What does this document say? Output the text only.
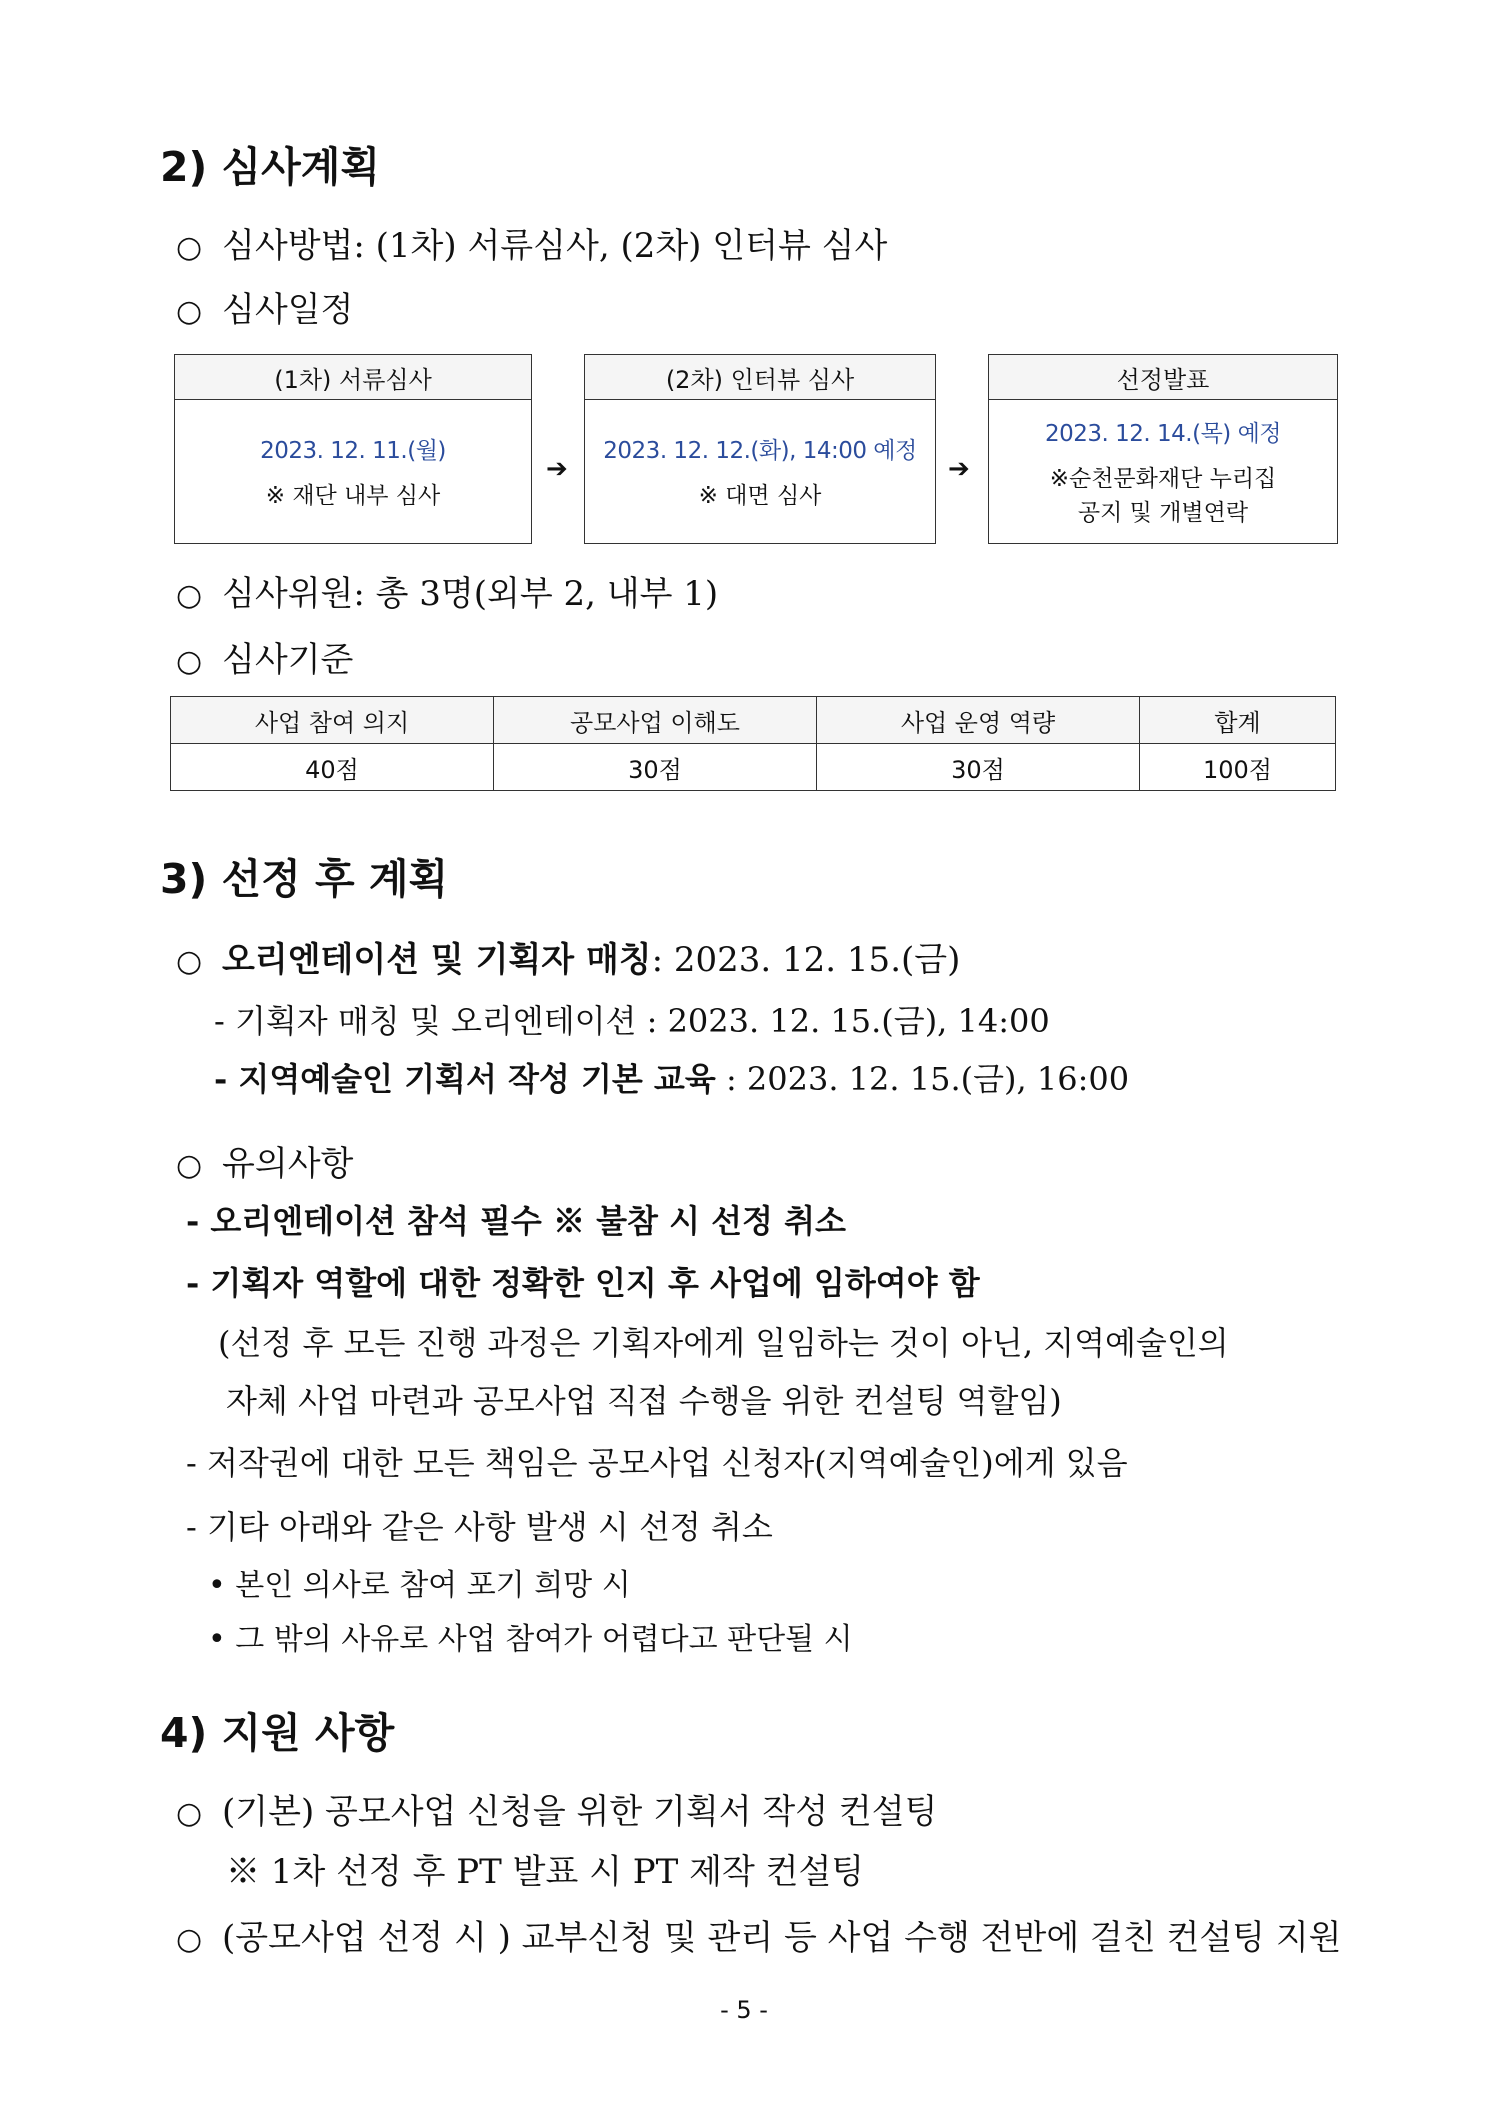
2) 심사계획
○ 심사방법: (1차) 서류심사, (2차) 인터뷰 심사
○ 심사일정
(1차) 서류심사
2023. 12. 11.(월)
※ 재단 내부 심사
➔
(2차) 인터뷰 심사
2023. 12. 12.(화), 14:00 예정
※ 대면 심사
➔
선정발표
2023. 12. 14.(목) 예정
※순천문화재단 누리집
공지 및 개별연락
○ 심사위원: 총 3명(외부 2, 내부 1)
○ 심사기준
사업 참여 의지	공모사업 이해도	사업 운영 역량	합계
40점	30점	30점	100점
3) 선정 후 계획
○ 오리엔테이션 및 기획자 매칭: 2023. 12. 15.(금)
- 기획자 매칭 및 오리엔테이션 : 2023. 12. 15.(금), 14:00
- 지역예술인 기획서 작성 기본 교육 : 2023. 12. 15.(금), 16:00
○ 유의사항
- 오리엔테이션 참석 필수 ※ 불참 시 선정 취소
- 기획자 역할에 대한 정확한 인지 후 사업에 임하여야 함
(선정 후 모든 진행 과정은 기획자에게 일임하는 것이 아닌, 지역예술인의
자체 사업 마련과 공모사업 직접 수행을 위한 컨설팅 역할임)
- 저작권에 대한 모든 책임은 공모사업 신청자(지역예술인)에게 있음
- 기타 아래와 같은 사항 발생 시 선정 취소
• 본인 의사로 참여 포기 희망 시
• 그 밖의 사유로 사업 참여가 어렵다고 판단될 시
4) 지원 사항
○ (기본) 공모사업 신청을 위한 기획서 작성 컨설팅
※ 1차 선정 후 PT 발표 시 PT 제작 컨설팅
○ (공모사업 선정 시 ) 교부신청 및 관리 등 사업 수행 전반에 걸친 컨설팅 지원
- 5 -
